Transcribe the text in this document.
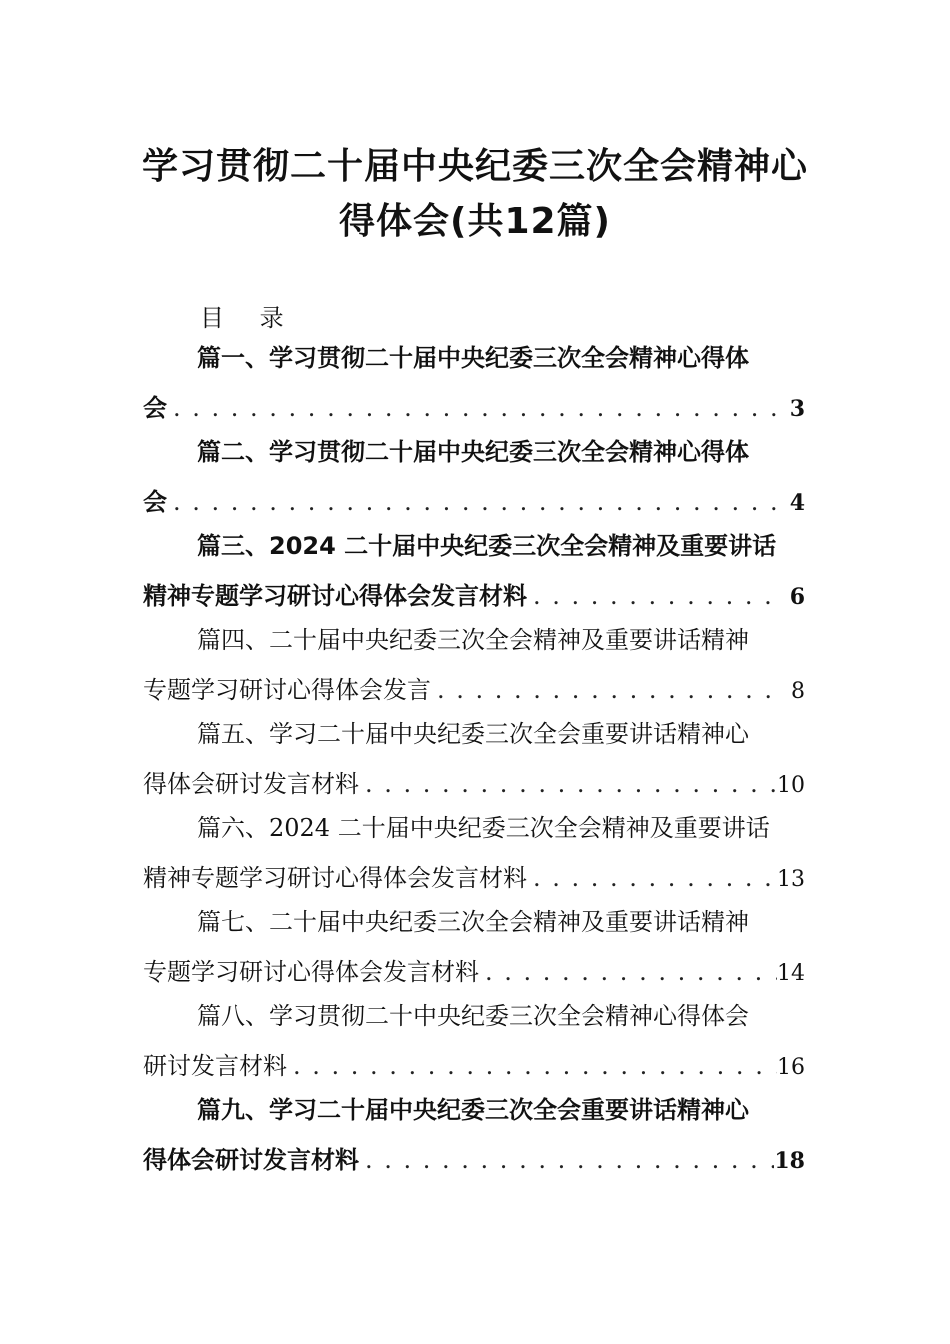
学习贯彻二十届中央纪委三次全会精神心
得体会(共12篇)
目 录
篇一、学习贯彻二十届中央纪委三次全会精神心得体
会 . . .	3
篇二、学习贯彻二十届中央纪委三次全会精神心得体
会 . . .	4
篇三、2024 二十届中央纪委三次全会精神及重要讲话
精神专题学习研讨心得体会发言材料 . . .	6
篇四、二十届中央纪委三次全会精神及重要讲话精神
专题学习研讨心得体会发言 . . .	8
篇五、学习二十届中央纪委三次全会重要讲话精神心
得体会研讨发言材料 . . .	10
篇六、2024 二十届中央纪委三次全会精神及重要讲话
精神专题学习研讨心得体会发言材料 . . .	13
篇七、二十届中央纪委三次全会精神及重要讲话精神
专题学习研讨心得体会发言材料 . . .	14
篇八、学习贯彻二十中央纪委三次全会精神心得体会
研讨发言材料 . . .	16
篇九、学习二十届中央纪委三次全会重要讲话精神心
得体会研讨发言材料 . . .	18
